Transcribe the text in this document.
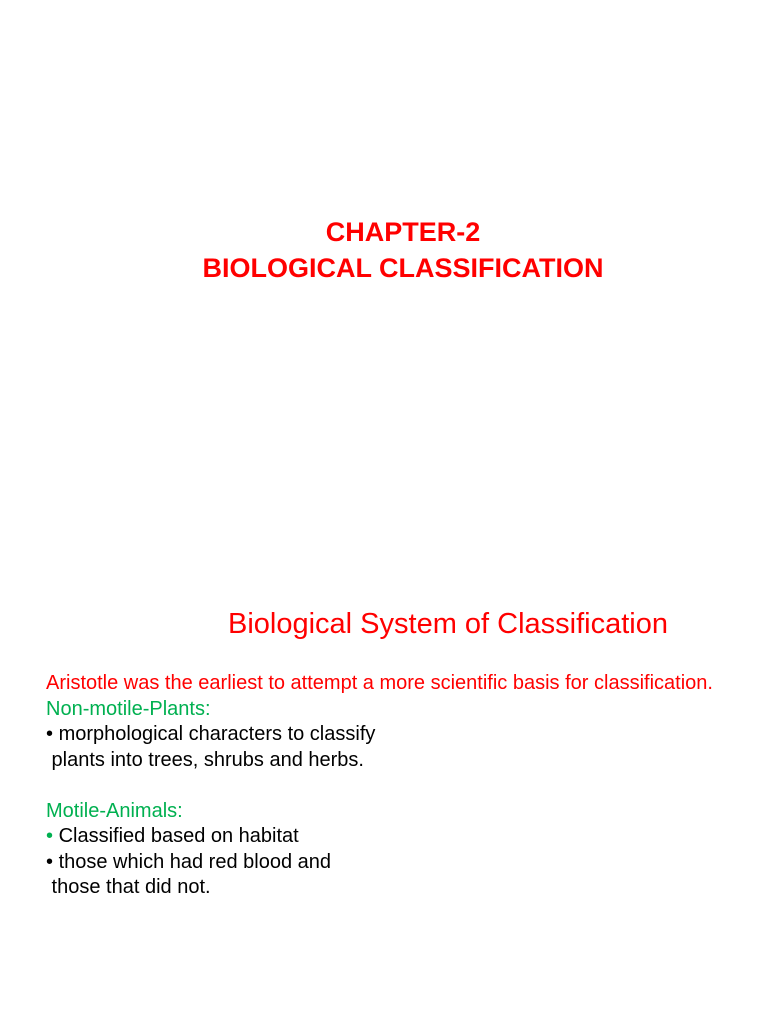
CHAPTER-2
BIOLOGICAL CLASSIFICATION
Biological System of Classification
Aristotle was the earliest to attempt a more scientific basis for classification.
Non-motile-Plants:
• morphological characters to classify
plants into trees, shrubs and herbs.
Motile-Animals:
• Classified based on habitat
• those which had red blood and
those that did not.
